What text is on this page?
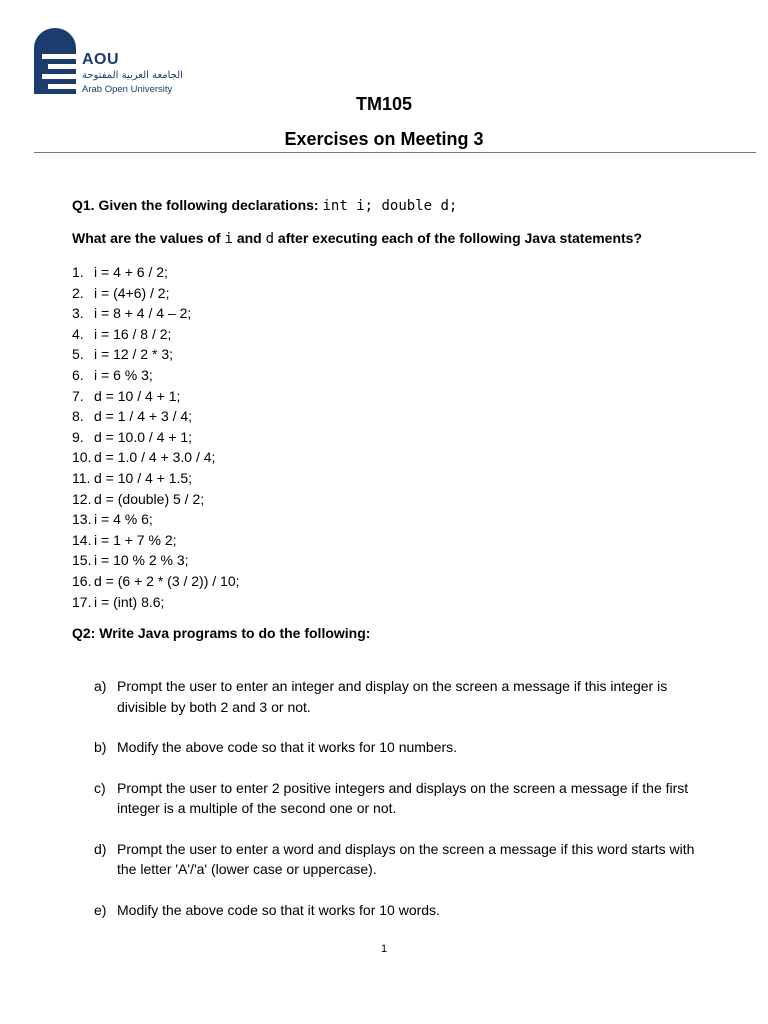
AOU
الجامعة العربية المفتوحة
Arab Open University
TM105
Exercises on Meeting 3
Q1. Given the following declarations: int i; double d;
What are the values of i and d after executing each of the following Java statements?
1. i = 4 + 6 / 2;
2. i = (4+6) / 2;
3. i = 8 + 4 / 4 – 2;
4. i = 16 / 8 / 2;
5. i = 12 / 2 * 3;
6. i = 6 % 3;
7. d = 10 / 4 + 1;
8. d = 1 / 4 + 3 / 4;
9. d = 10.0 / 4 + 1;
10. d = 1.0 / 4 + 3.0 / 4;
11. d = 10 / 4 + 1.5;
12. d = (double) 5 / 2;
13. i = 4 % 6;
14. i = 1 + 7 % 2;
15. i = 10 % 2 % 3;
16. d = (6 + 2 * (3 / 2)) / 10;
17. i = (int) 8.6;
Q2: Write Java programs to do the following:
a) Prompt the user to enter an integer and display on the screen a message if this integer is divisible by both 2 and 3 or not.
b) Modify the above code so that it works for 10 numbers.
c) Prompt the user to enter 2 positive integers and displays on the screen a message if the first integer is a multiple of the second one or not.
d) Prompt the user to enter a word and displays on the screen a message if this word starts with the letter 'A'/'a' (lower case or uppercase).
e) Modify the above code so that it works for 10 words.
1
